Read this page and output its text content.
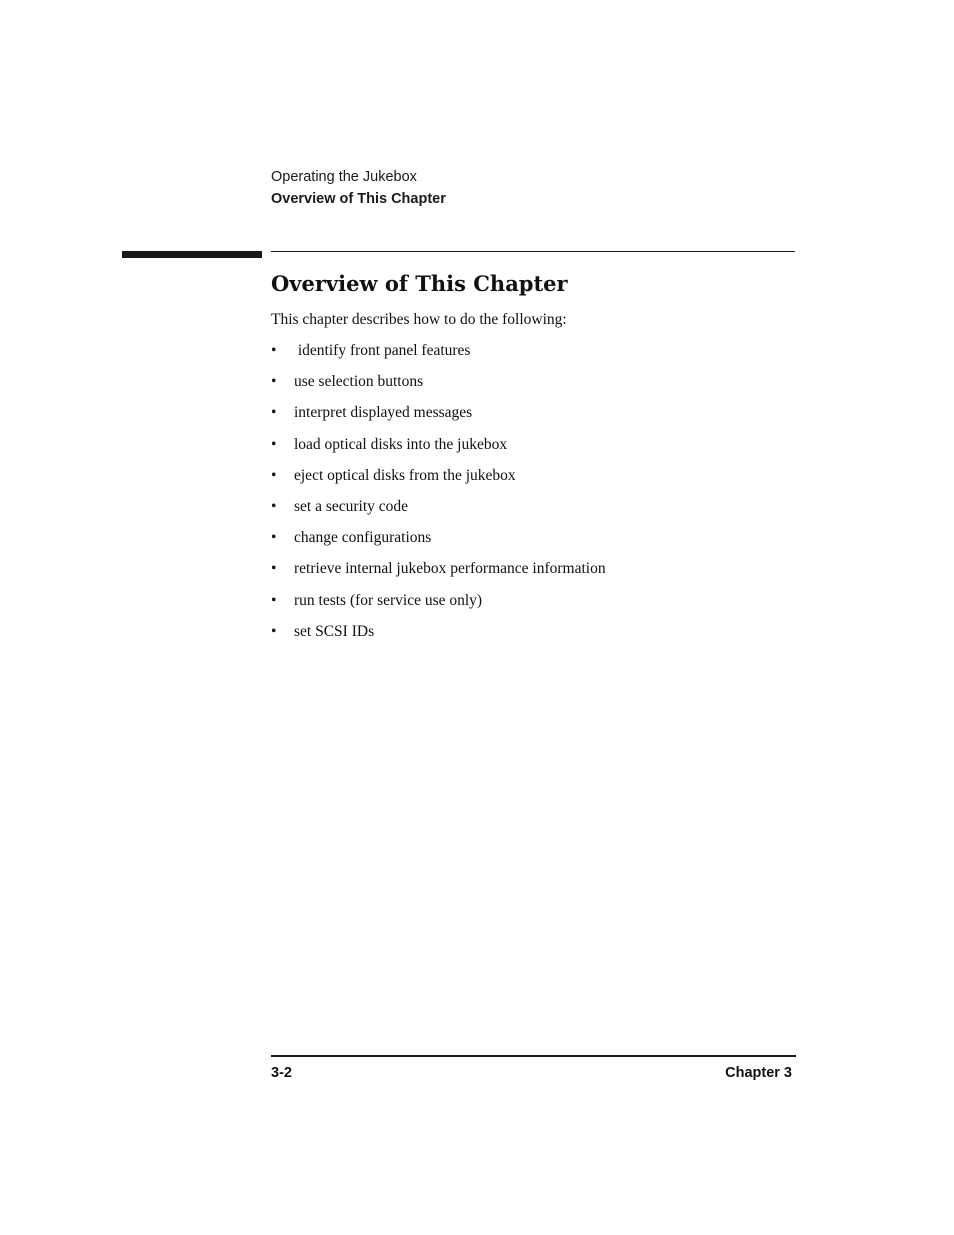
Operating the Jukebox
Overview of This Chapter
Overview of This Chapter

This chapter describes how to do the following:

•	identify front panel features
•	use selection buttons
•	interpret displayed messages
•	load optical disks into the jukebox
•	eject optical disks from the jukebox
•	set a security code
•	change configurations
•	retrieve internal jukebox performance information
•	run tests (for service use only)
•	set SCSI IDs
3-2	Chapter 3
